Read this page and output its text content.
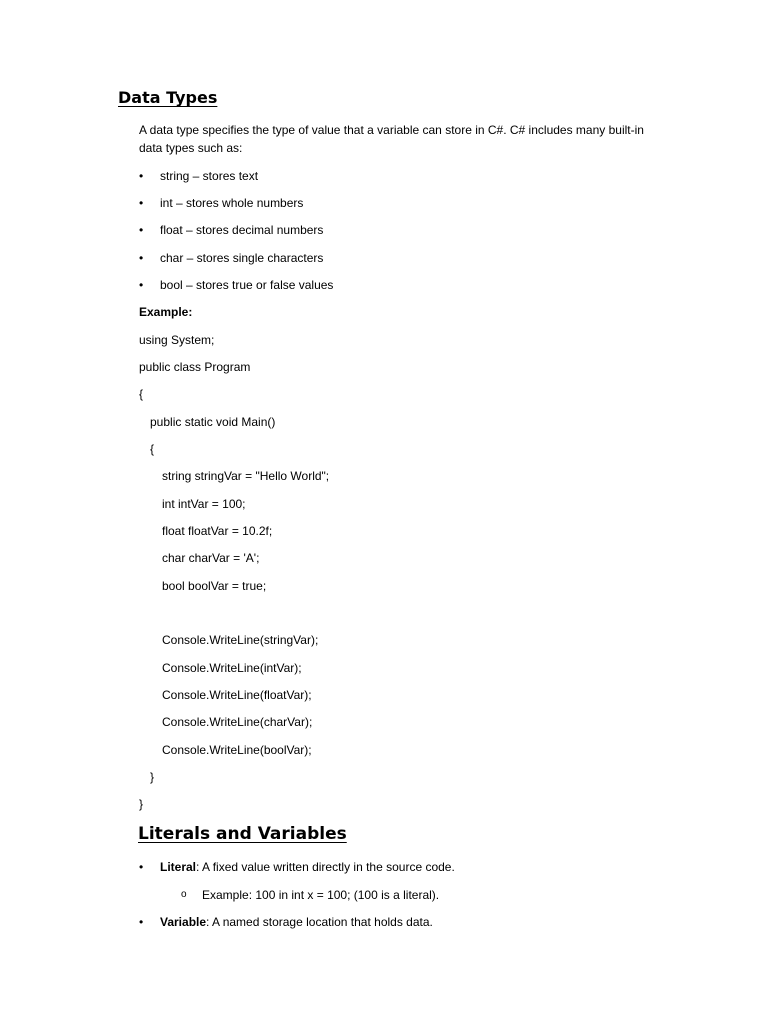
Data Types
A data type specifies the type of value that a variable can store in C#. C# includes many built-in
data types such as:
• string – stores text
• int – stores whole numbers
• float – stores decimal numbers
• char – stores single characters
• bool – stores true or false values
Example:
using System;
public class Program
{
public static void Main()
{
string stringVar = "Hello World";
int intVar = 100;
float floatVar = 10.2f;
char charVar = 'A';
bool boolVar = true;
Console.WriteLine(stringVar);
Console.WriteLine(intVar);
Console.WriteLine(floatVar);
Console.WriteLine(charVar);
Console.WriteLine(boolVar);
}
}
Literals and Variables
• Literal: A fixed value written directly in the source code.
o Example: 100 in int x = 100; (100 is a literal).
• Variable: A named storage location that holds data.
